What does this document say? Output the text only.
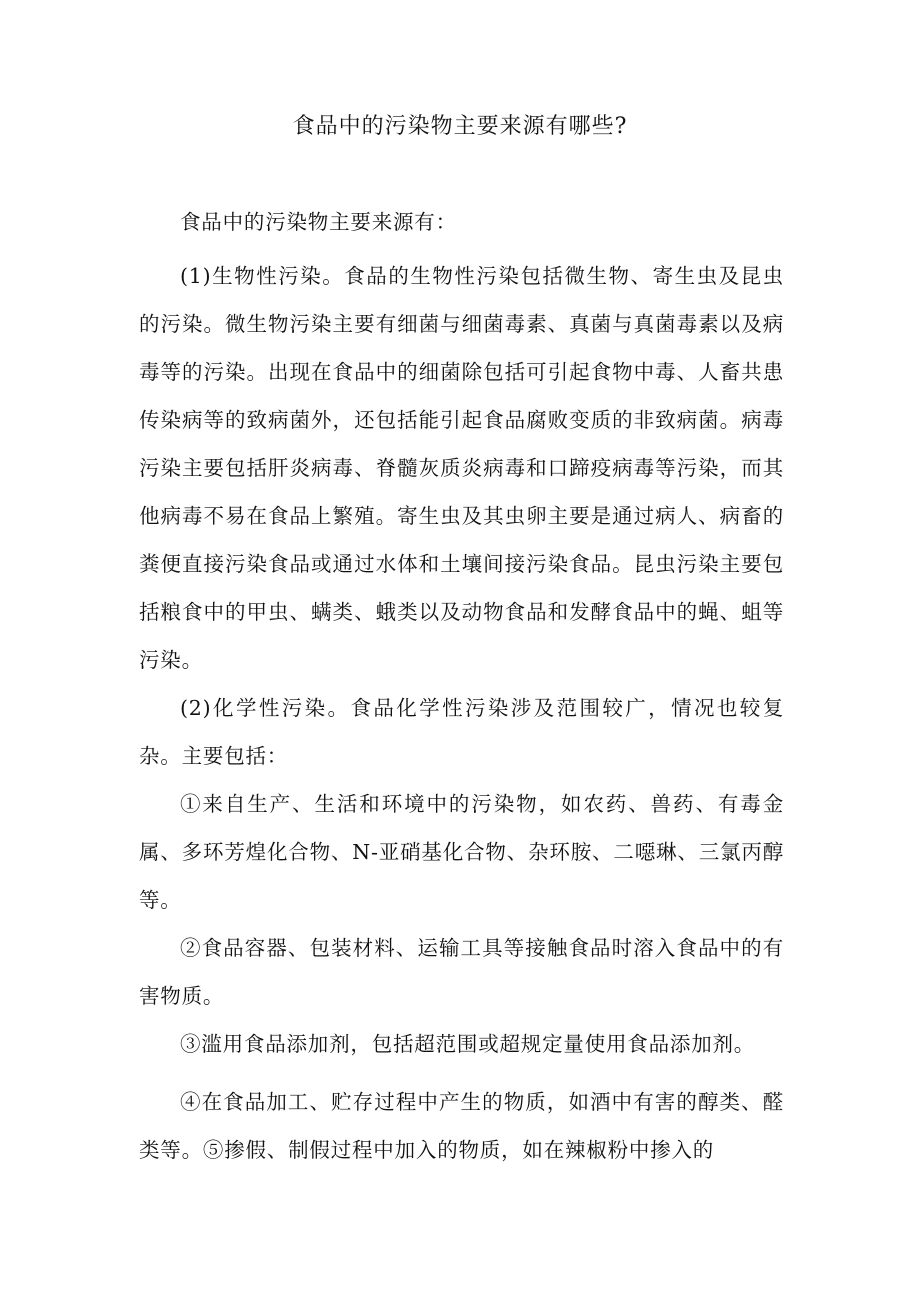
食品中的污染物主要来源有哪些?

食品中的污染物主要来源有：

(1)生物性污染。食品的生物性污染包括微生物、寄生虫及昆虫的污染。微生物污染主要有细菌与细菌毒素、真菌与真菌毒素以及病毒等的污染。出现在食品中的细菌除包括可引起食物中毒、人畜共患传染病等的致病菌外，还包括能引起食品腐败变质的非致病菌。病毒污染主要包括肝炎病毒、脊髓灰质炎病毒和口蹄疫病毒等污染，而其他病毒不易在食品上繁殖。寄生虫及其虫卵主要是通过病人、病畜的粪便直接污染食品或通过水体和土壤间接污染食品。昆虫污染主要包括粮食中的甲虫、螨类、蛾类以及动物食品和发酵食品中的蝇、蛆等污染。

(2)化学性污染。食品化学性污染涉及范围较广，情况也较复杂。主要包括：

①来自生产、生活和环境中的污染物，如农药、兽药、有毒金属、多环芳煌化合物、N-亚硝基化合物、杂环胺、二噁琳、三氯丙醇等。

②食品容器、包装材料、运输工具等接触食品时溶入食品中的有害物质。

③滥用食品添加剂，包括超范围或超规定量使用食品添加剂。

④在食品加工、贮存过程中产生的物质，如酒中有害的醇类、醛类等。⑤掺假、制假过程中加入的物质，如在辣椒粉中掺入的
